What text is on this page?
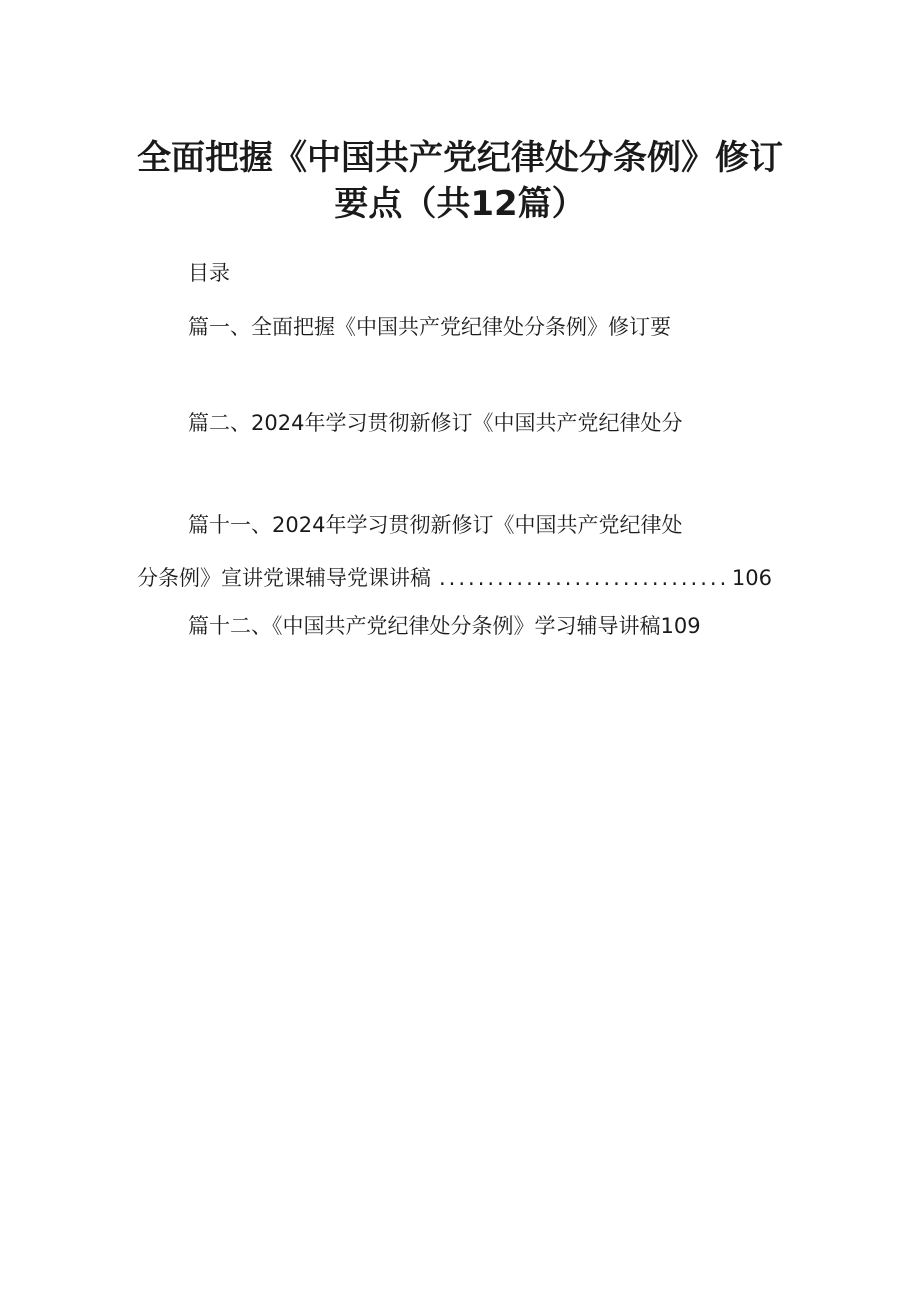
全面把握《中国共产党纪律处分条例》修订
要点（共12篇）
目录
篇一、全面把握《中国共产党纪律处分条例》修订要
篇二、2024年学习贯彻新修订《中国共产党纪律处分
篇十一、2024年学习贯彻新修订《中国共产党纪律处
分条例》宣讲党课辅导党课讲稿
.....	106
篇十二、《中国共产党纪律处分条例》学习辅导讲稿109
